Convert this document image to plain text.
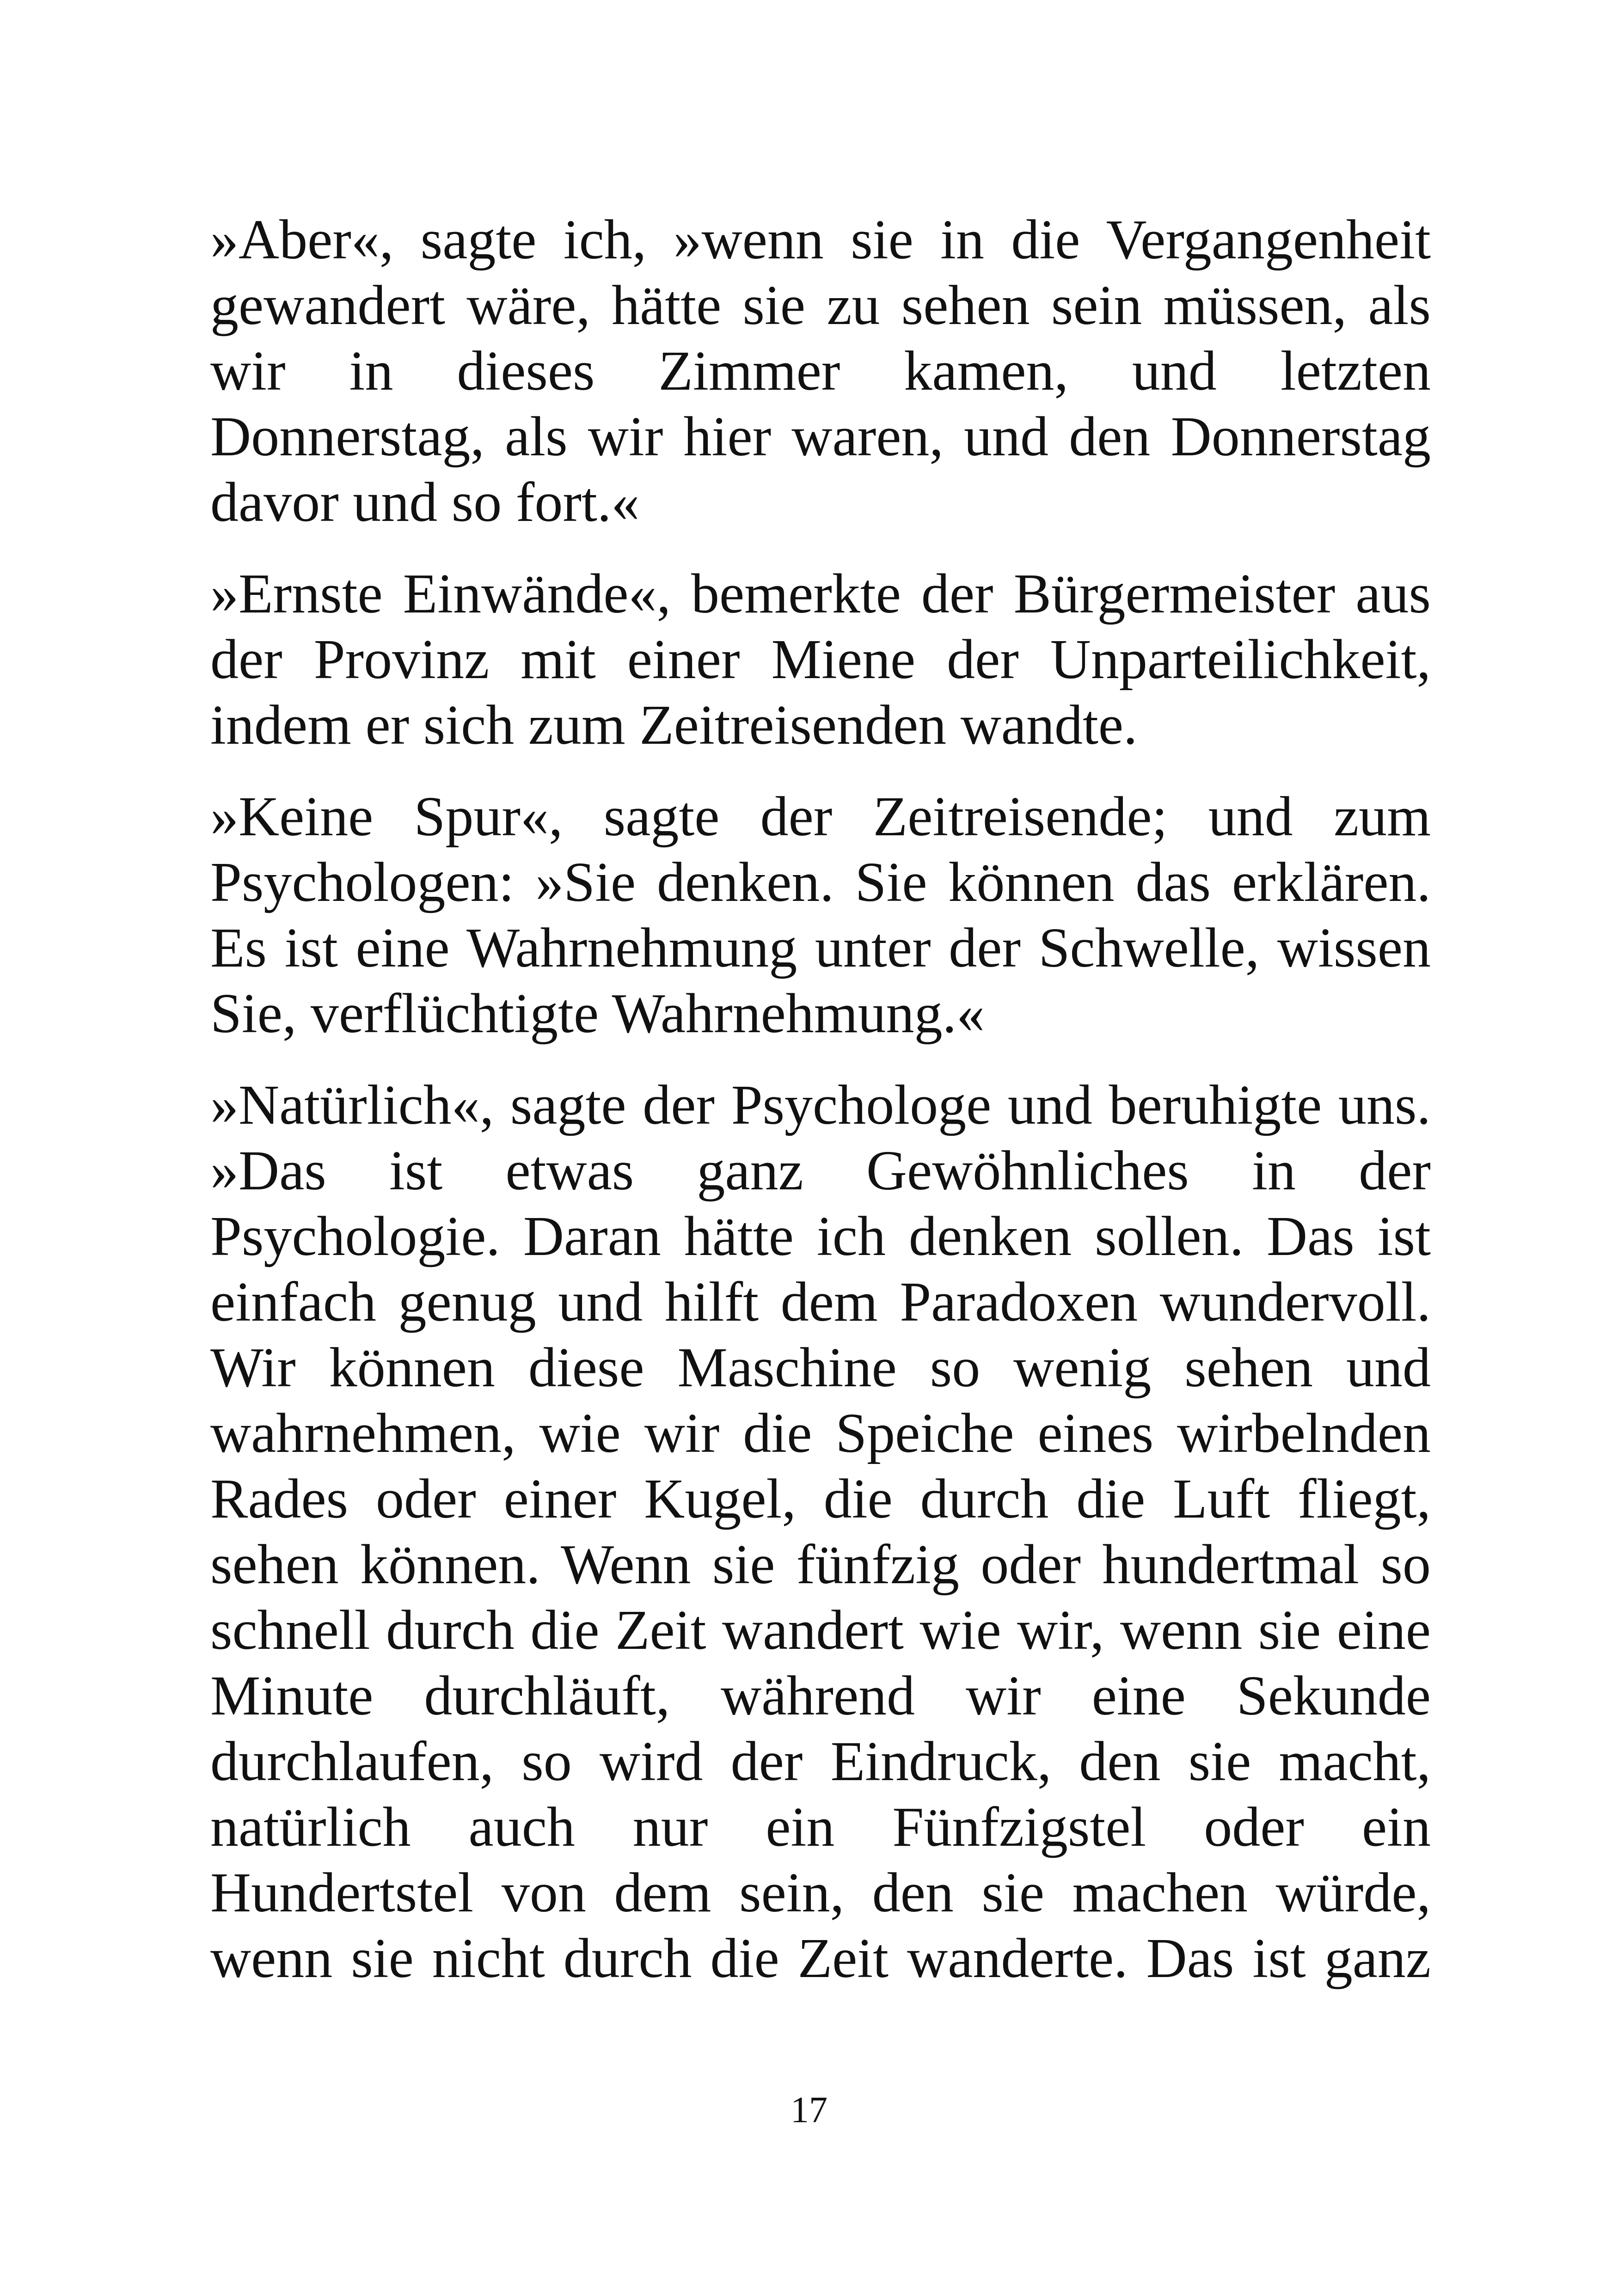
»Aber«, sagte ich, »wenn sie in die Vergangenheit
gewandert wäre, hätte sie zu sehen sein müssen, als
wir in dieses Zimmer kamen, und letzten
Donnerstag, als wir hier waren, und den Donnerstag
davor und so fort.«
»Ernste Einwände«, bemerkte der Bürgermeister aus
der Provinz mit einer Miene der Unparteilichkeit,
indem er sich zum Zeitreisenden wandte.
»Keine Spur«, sagte der Zeitreisende; und zum
Psychologen: »Sie denken. Sie können das erklären.
Es ist eine Wahrnehmung unter der Schwelle, wissen
Sie, verflüchtigte Wahrnehmung.«
»Natürlich«, sagte der Psychologe und beruhigte uns.
»Das ist etwas ganz Gewöhnliches in der
Psychologie. Daran hätte ich denken sollen. Das ist
einfach genug und hilft dem Paradoxen wundervoll.
Wir können diese Maschine so wenig sehen und
wahrnehmen, wie wir die Speiche eines wirbelnden
Rades oder einer Kugel, die durch die Luft fliegt,
sehen können. Wenn sie fünfzig oder hundertmal so
schnell durch die Zeit wandert wie wir, wenn sie eine
Minute durchläuft, während wir eine Sekunde
durchlaufen, so wird der Eindruck, den sie macht,
natürlich auch nur ein Fünfzigstel oder ein
Hundertstel von dem sein, den sie machen würde,
wenn sie nicht durch die Zeit wanderte. Das ist ganz
17
